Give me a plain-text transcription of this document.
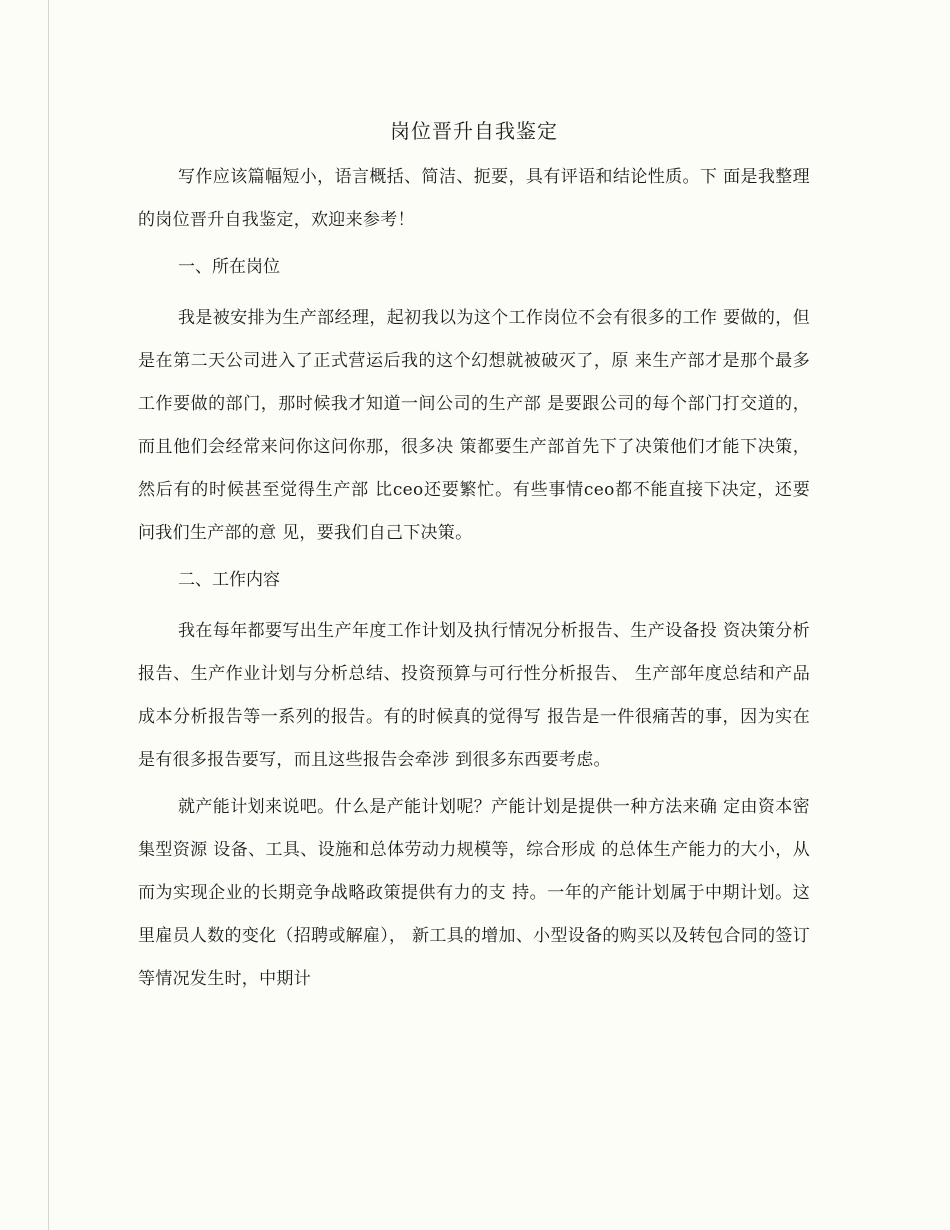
岗位晋升自我鉴定

写作应该篇幅短小，语言概括、简洁、扼要，具有评语和结论性质。下 面是我整理的岗位晋升自我鉴定，欢迎来参考！

一、所在岗位

我是被安排为生产部经理，起初我以为这个工作岗位不会有很多的工作 要做的，但是在第二天公司进入了正式营运后我的这个幻想就被破灭了，原 来生产部才是那个最多工作要做的部门，那时候我才知道一间公司的生产部 是要跟公司的每个部门打交道的，而且他们会经常来问你这问你那，很多决 策都要生产部首先下了决策他们才能下决策，然后有的时候甚至觉得生产部 比ceo还要繁忙。有些事情ceo都不能直接下决定，还要问我们生产部的意 见，要我们自己下决策。

二、工作内容

我在每年都要写出生产年度工作计划及执行情况分析报告、生产设备投 资决策分析报告、生产作业计划与分析总结、投资预算与可行性分析报告、 生产部年度总结和产品成本分析报告等一系列的报告。有的时候真的觉得写 报告是一件很痛苦的事，因为实在是有很多报告要写，而且这些报告会牵涉 到很多东西要考虑。

就产能计划来说吧。什么是产能计划呢？产能计划是提供一种方法来确 定由资本密集型资源 设备、工具、设施和总体劳动力规模等，综合形成 的总体生产能力的大小，从而为实现企业的长期竞争战略政策提供有力的支 持。一年的产能计划属于中期计划。这里雇员人数的变化（招聘或解雇）， 新工具的增加、小型设备的购买以及转包合同的签订等情况发生时，中期计
